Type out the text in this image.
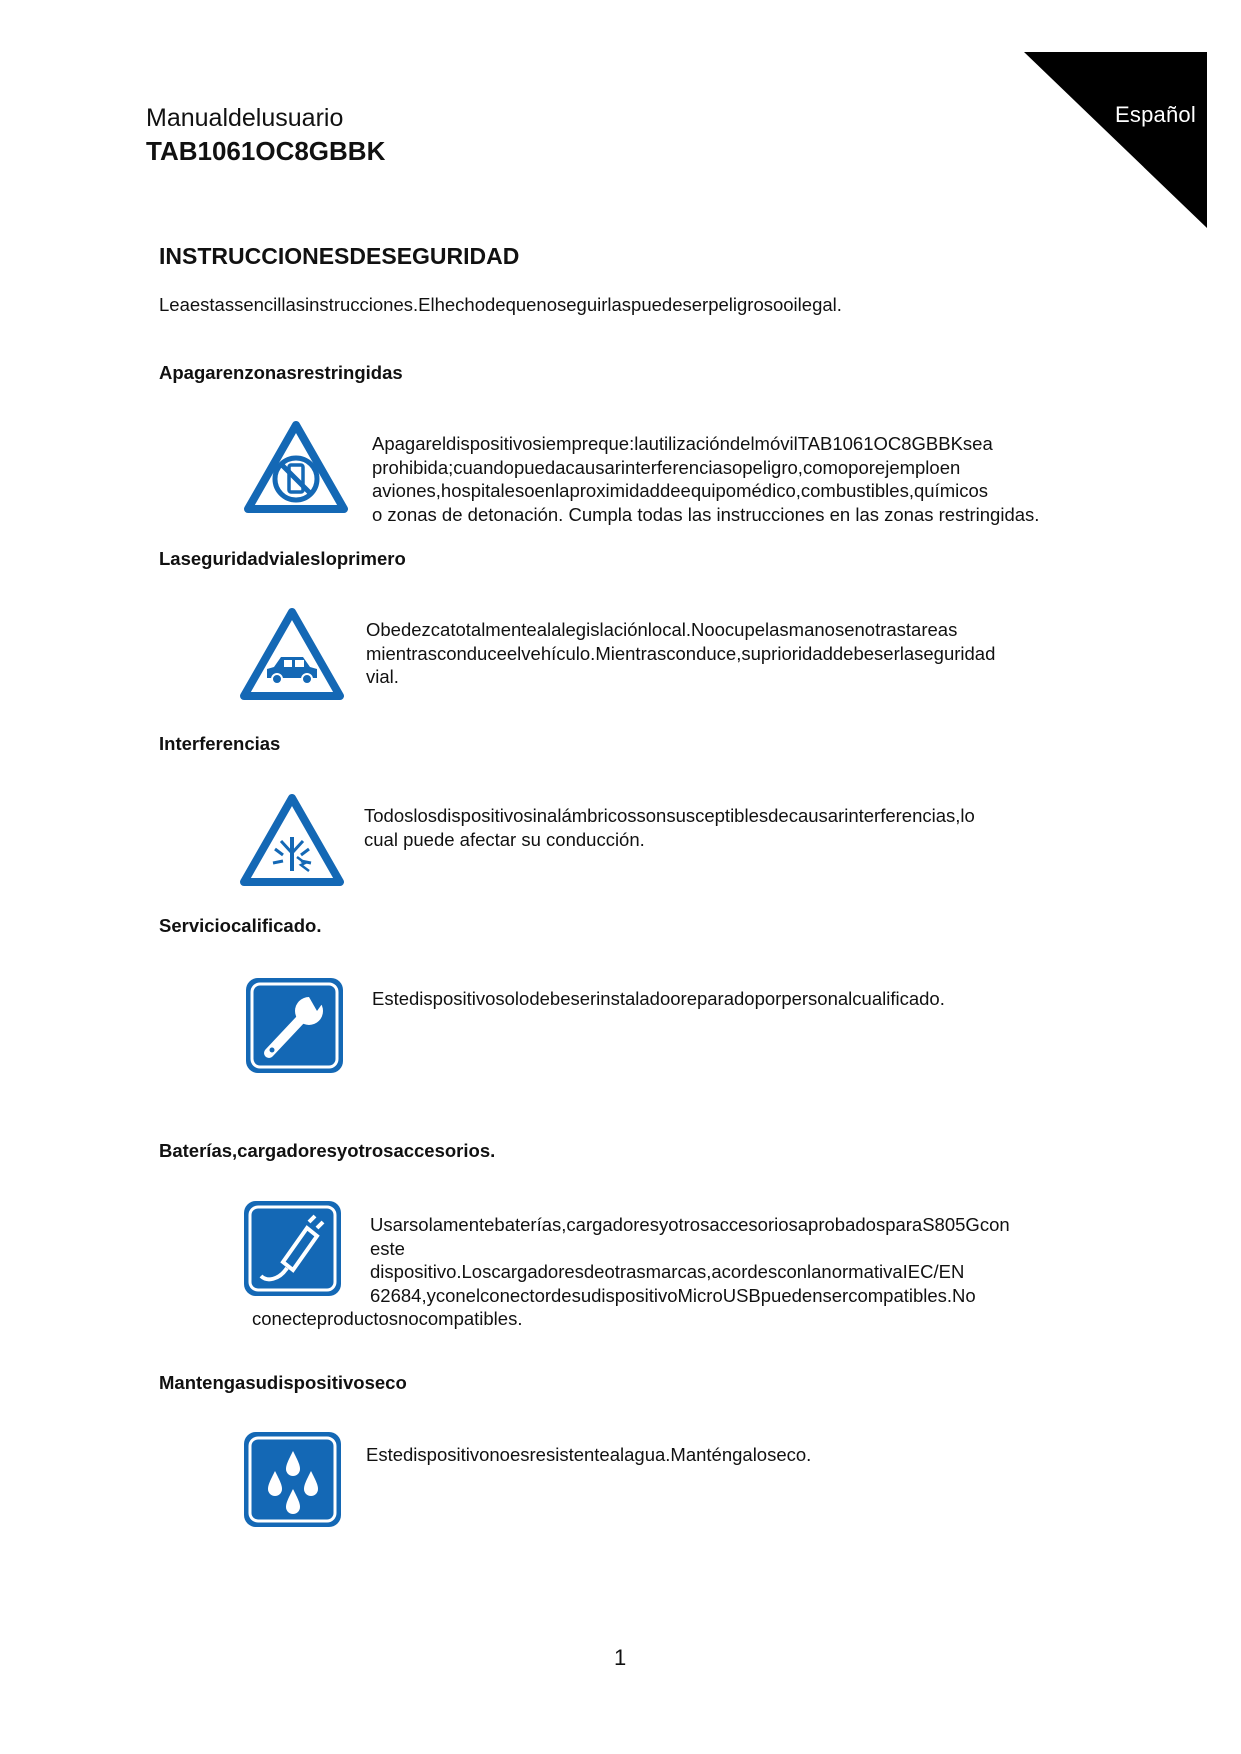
Español
Manualdelusuario
TAB1061OC8GBBK
INSTRUCCIONESDESEGURIDAD
Leaestassencillasinstrucciones.Elhechodequenoseguirlaspuedeserpeligrosooilegal.
Apagarenzonasrestringidas
Apagareldispositivosiempreque:lautilizacióndelmóvilTAB1061OC8GBBKsea
prohibida;cuandopuedacausarinterferenciasopeligro,comoporejemploen
aviones,hospitalesoenlaproximidaddeequipomédico,combustibles,químicos
o zonas de detonación. Cumpla todas las instrucciones en las zonas restringidas.
Laseguridadvialesloprimero
Obedezcatotalmentealalegislaciónlocal.Noocupelasmanosenotrastareas
mientrasconduceelvehículo.Mientrasconduce,suprioridaddebeserlaseguridad
vial.
Interferencias
Todoslosdispositivosinalámbricossonsusceptiblesdecausarinterferencias,lo
cual puede afectar su conducción.
Serviciocalificado.
Estedispositivosolodebeserinstaladooreparadoporpersonalcualificado.
Baterías,cargadoresyotrosaccesorios.
Usarsolamentebaterías,cargadoresyotrosaccesoriosaprobadosparaS805Gcon
este
dispositivo.Loscargadoresdeotrasmarcas,acordesconlanormativaIEC/EN
62684,yconelconectordesudispositivoMicroUSBpuedensercompatibles.No
conecteproductosnocompatibles.
Mantengasudispositivoseco
Estedispositivonoesresistentealagua.Manténgaloseco.
1
